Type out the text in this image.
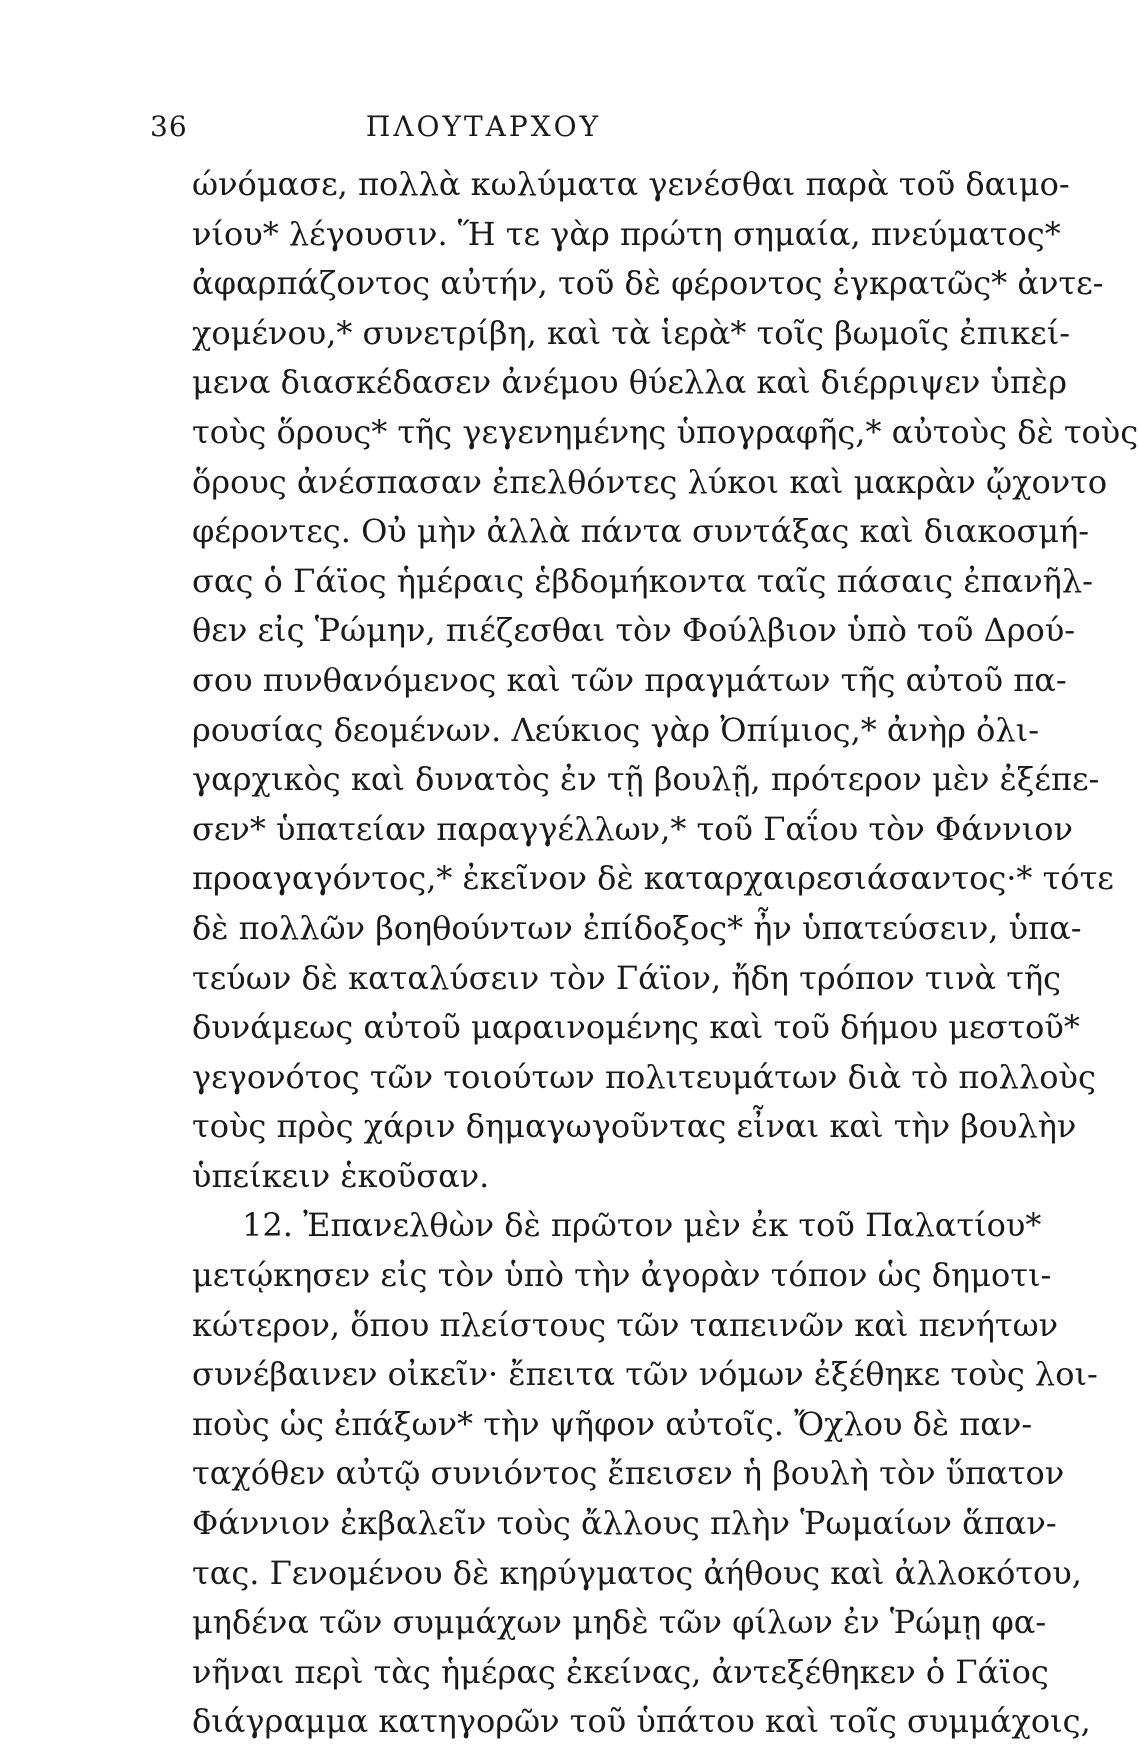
36	ΠΛΟΥΤΑΡΧΟΥ
ώνόμασε, πολλὰ κωλύματα γενέσθαι παρὰ τοῦ δαιμο-
νίου* λέγουσιν. Ἥ τε γὰρ πρώτη σημαία, πνεύματος*
ἀφαρπάζοντος αὐτήν, τοῦ δὲ φέροντος ἐγκρατῶς* ἀντε-
χομένου,* συνετρίβη, καὶ τὰ ἱερὰ* τοῖς βωμοῖς ἐπικεί-
μενα διασκέδασεν ἀνέμου θύελλα καὶ διέρριψεν ὑπὲρ
τοὺς ὅρους* τῆς γεγενημένης ὑπογραφῆς,* αὐτοὺς δὲ τοὺς
ὅρους ἀνέσπασαν ἐπελθόντες λύκοι καὶ μακρὰν ᾤχοντο
φέροντες. Οὐ μὴν ἀλλὰ πάντα συντάξας καὶ διακοσμή-
σας ὁ Γάϊος ἡμέραις ἑβδομήκοντα ταῖς πάσαις ἐπανῆλ-
θεν εἰς Ῥώμην, πιέζεσθαι τὸν Φούλβιον ὑπὸ τοῦ Δρού-
σου πυνθανόμενος καὶ τῶν πραγμάτων τῆς αὐτοῦ πα-
ρουσίας δεομένων. Λεύκιος γὰρ Ὀπίμιος,* ἀνὴρ ὀλι-
γαρχικὸς καὶ δυνατὸς ἐν τῇ βουλῇ, πρότερον μὲν ἐξέπε-
σεν* ὑπατείαν παραγγέλλων,* τοῦ Γαΐου τὸν Φάννιον
προαγαγόντος,* ἐκεῖνον δὲ καταρχαιρεσιάσαντος·* τότε
δὲ πολλῶν βοηθούντων ἐπίδοξος* ἦν ὑπατεύσειν, ὑπα-
τεύων δὲ καταλύσειν τὸν Γάϊον, ἤδη τρόπον τινὰ τῆς
δυνάμεως αὐτοῦ μαραινομένης καὶ τοῦ δήμου μεστοῦ*
γεγονότος τῶν τοιούτων πολιτευμάτων διὰ τὸ πολλοὺς
τοὺς πρὸς χάριν δημαγωγοῦντας εἶναι καὶ τὴν βουλὴν
ὑπείκειν ἑκοῦσαν.
12. Ἐπανελθὼν δὲ πρῶτον μὲν ἐκ τοῦ Παλατίου*
μετῴκησεν εἰς τὸν ὑπὸ τὴν ἀγορὰν τόπον ὡς δημοτι-
κώτερον, ὅπου πλείστους τῶν ταπεινῶν καὶ πενήτων
συνέβαινεν οἰκεῖν· ἔπειτα τῶν νόμων ἐξέθηκε τοὺς λοι-
ποὺς ὡς ἐπάξων* τὴν ψῆφον αὐτοῖς. Ὄχλου δὲ παν-
ταχόθεν αὐτῷ συνιόντος ἔπεισεν ἡ βουλὴ τὸν ὕπατον
Φάννιον ἐκβαλεῖν τοὺς ἄλλους πλὴν Ῥωμαίων ἅπαν-
τας. Γενομένου δὲ κηρύγματος ἀήθους καὶ ἀλλοκότου,
μηδένα τῶν συμμάχων μηδὲ τῶν φίλων ἐν Ῥώμῃ φα-
νῆναι περὶ τὰς ἡμέρας ἐκείνας, ἀντεξέθηκεν ὁ Γάϊος
διάγραμμα κατηγορῶν τοῦ ὑπάτου καὶ τοῖς συμμάχοις,
